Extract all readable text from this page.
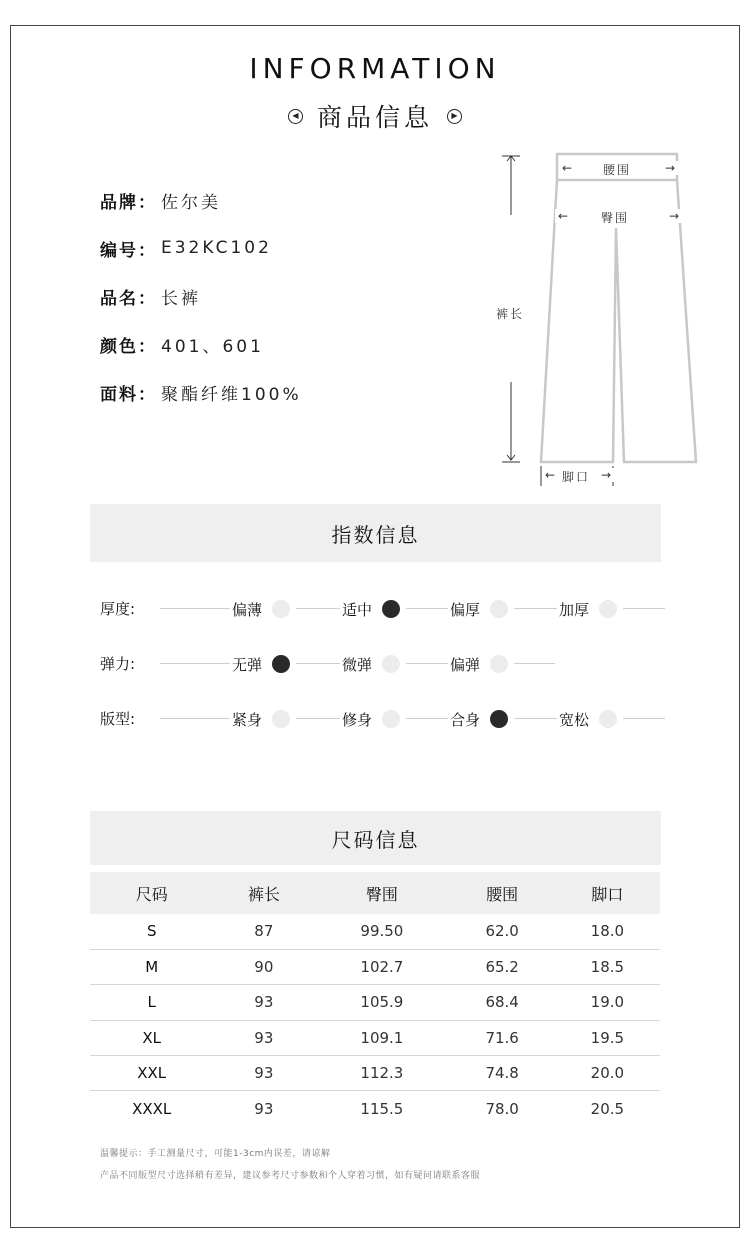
INFORMATION
◀ 商品信息	▶
品牌： 佐尔美
编号： E32KC102
品名： 长裤
颜色： 401、601
面料： 聚酯纤维100%
← 腰围	→
←	臀围	→
裤长
← 脚口 →
指数信息
厚度:	偏薄	适中	偏厚	加厚
弹力:	无弹	微弹	偏弹
版型:	紧身	修身	合身	宽松
尺码信息
尺码	裤长	臀围	腰围	脚口
S	87	99.50	62.0	18.0
M	90	102.7	65.2	18.5
L	93	105.9	68.4	19.0
XL	93	109.1	71.6	19.5
XXL	93	112.3	74.8	20.0
XXXL	93	115.5	78.0	20.5
温馨提示：手工测量尺寸，可能1-3cm内误差，请谅解
产品不同版型尺寸选择稍有差异，建议参考尺寸参数和个人穿着习惯，如有疑问请联系客服
